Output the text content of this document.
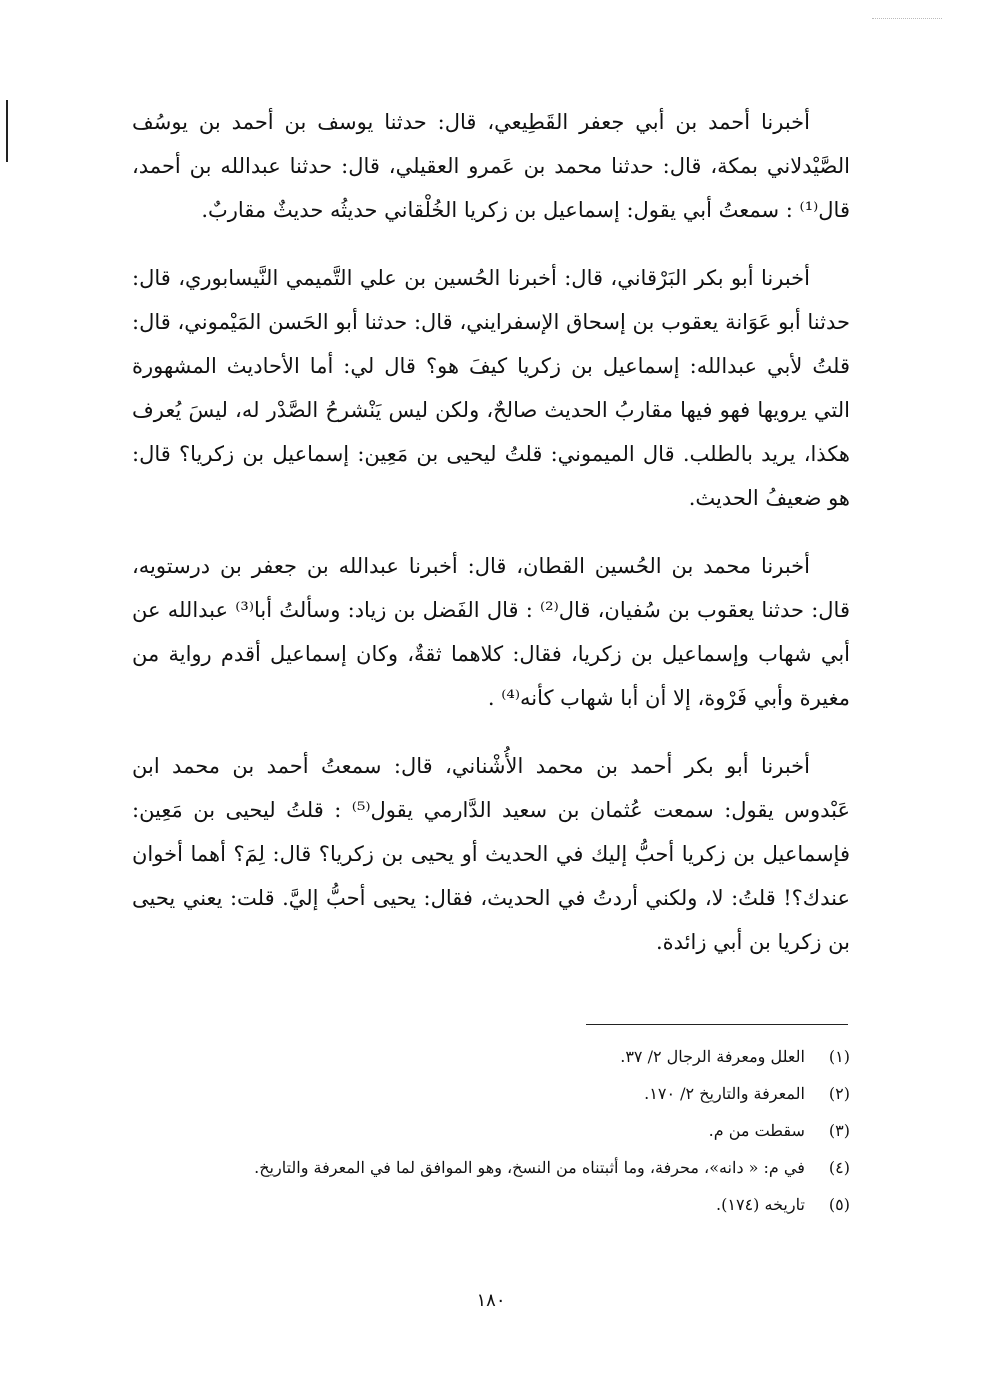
أخبرنا أحمد بن أبي جعفر القَطِيعي، قال: حدثنا يوسف بن أحمد بن يوسُف الصَّيْدلاني بمكة، قال: حدثنا محمد بن عَمرو العقيلي، قال: حدثنا عبدالله بن أحمد، قال⁽¹⁾ : سمعتُ أبي يقول: إسماعيل بن زكريا الخُلْقاني حديثُه حديثٌ مقاربٌ.

أخبرنا أبو بكر البَرْقاني، قال: أخبرنا الحُسين بن علي التَّميمي النَّيسابوري، قال: حدثنا أبو عَوَانة يعقوب بن إسحاق الإسفرايني، قال: حدثنا أبو الحَسن المَيْموني، قال: قلتُ لأبي عبدالله: إسماعيل بن زكريا كيفَ هو؟ قال لي: أما الأحاديث المشهورة التي يرويها فهو فيها مقاربُ الحديث صالحٌ، ولكن ليس يَنْشرحُ الصَّدْر له، ليسَ يُعرف هكذا، يريد بالطلب. قال الميموني: قلتُ ليحيى بن مَعِين: إسماعيل بن زكريا؟ قال: هو ضعيفُ الحديث.

أخبرنا محمد بن الحُسين القطان، قال: أخبرنا عبدالله بن جعفر بن درستويه، قال: حدثنا يعقوب بن سُفيان، قال⁽²⁾ : قال الفَضل بن زياد: وسألتُ أبا⁽³⁾ عبدالله عن أبي شهاب وإسماعيل بن زكريا، فقال: كلاهما ثقةٌ، وكان إسماعيل أقدم رواية من مغيرة وأبي فَرْوة، إلا أن أبا شهاب كأنه⁽⁴⁾ .

أخبرنا أبو بكر أحمد بن محمد الأُشْناني، قال: سمعتُ أحمد بن محمد ابن عَبْدوس يقول: سمعت عُثمان بن سعيد الدَّارمي يقول⁽⁵⁾ : قلتُ ليحيى بن مَعِين: فإسماعيل بن زكريا أحبُّ إليك في الحديث أو يحيى بن زكريا؟ قال: لِمَ؟ أهما أخوان عندك؟! قلتُ: لا، ولكني أردتُ في الحديث، فقال: يحيى أحبُّ إليَّ. قلت: يعني يحيى بن زكريا بن أبي زائدة.

(١) العلل ومعرفة الرجال ٢/ ٣٧.
(٢) المعرفة والتاريخ ٢/ ١٧٠.
(٣) سقطت من م.
(٤) في م: « دانه»، محرفة، وما أثبتناه من النسخ، وهو الموافق لما في المعرفة والتاريخ.
(٥) تاريخه (١٧٤).
١٨٠
